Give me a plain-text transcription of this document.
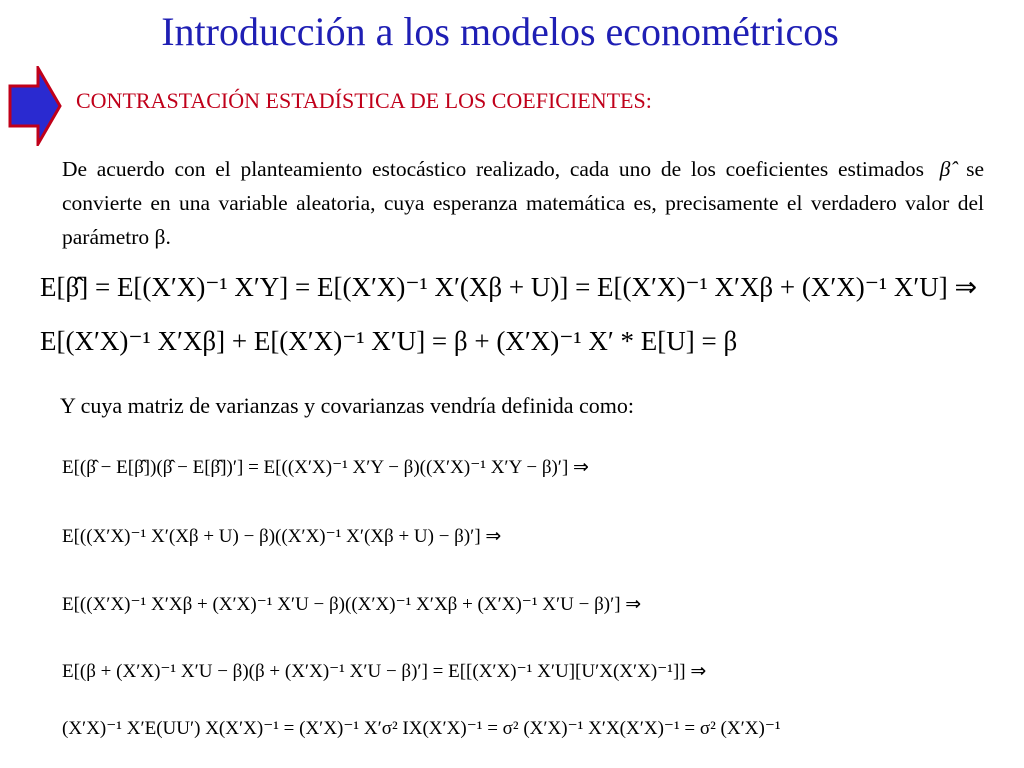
Introducción a los modelos econométricos
CONTRASTACIÓN ESTADÍSTICA DE LOS COEFICIENTES:
De acuerdo con el planteamiento estocástico realizado, cada uno de los coeficientes estimados β̂ se convierte en una variable aleatoria, cuya esperanza matemática es, precisamente el verdadero valor del parámetro β.
E[β̂] = E[(X′X)⁻¹ X′Y] = E[(X′X)⁻¹ X′(Xβ + U)] = E[(X′X)⁻¹ X′Xβ + (X′X)⁻¹ X′U] ⇒
E[(X′X)⁻¹ X′Xβ] + E[(X′X)⁻¹ X′U] = β + (X′X)⁻¹ X′ * E[U] = β
Y cuya matriz de varianzas y covarianzas vendría definida como:
E[(β̂ − E[β̂])(β̂ − E[β̂])′] = E[((X′X)⁻¹ X′Y − β)((X′X)⁻¹ X′Y − β)′] ⇒
E[((X′X)⁻¹ X′(Xβ + U) − β)((X′X)⁻¹ X′(Xβ + U) − β)′] ⇒
E[((X′X)⁻¹ X′Xβ + (X′X)⁻¹ X′U − β)((X′X)⁻¹ X′Xβ + (X′X)⁻¹ X′U − β)′] ⇒
E[(β + (X′X)⁻¹ X′U − β)(β + (X′X)⁻¹ X′U − β)′] = E[[(X′X)⁻¹ X′U][U′X(X′X)⁻¹]] ⇒
(X′X)⁻¹ X′E(UU′) X(X′X)⁻¹ = (X′X)⁻¹ X′σ² IX(X′X)⁻¹ = σ² (X′X)⁻¹ X′X(X′X)⁻¹ = σ² (X′X)⁻¹
